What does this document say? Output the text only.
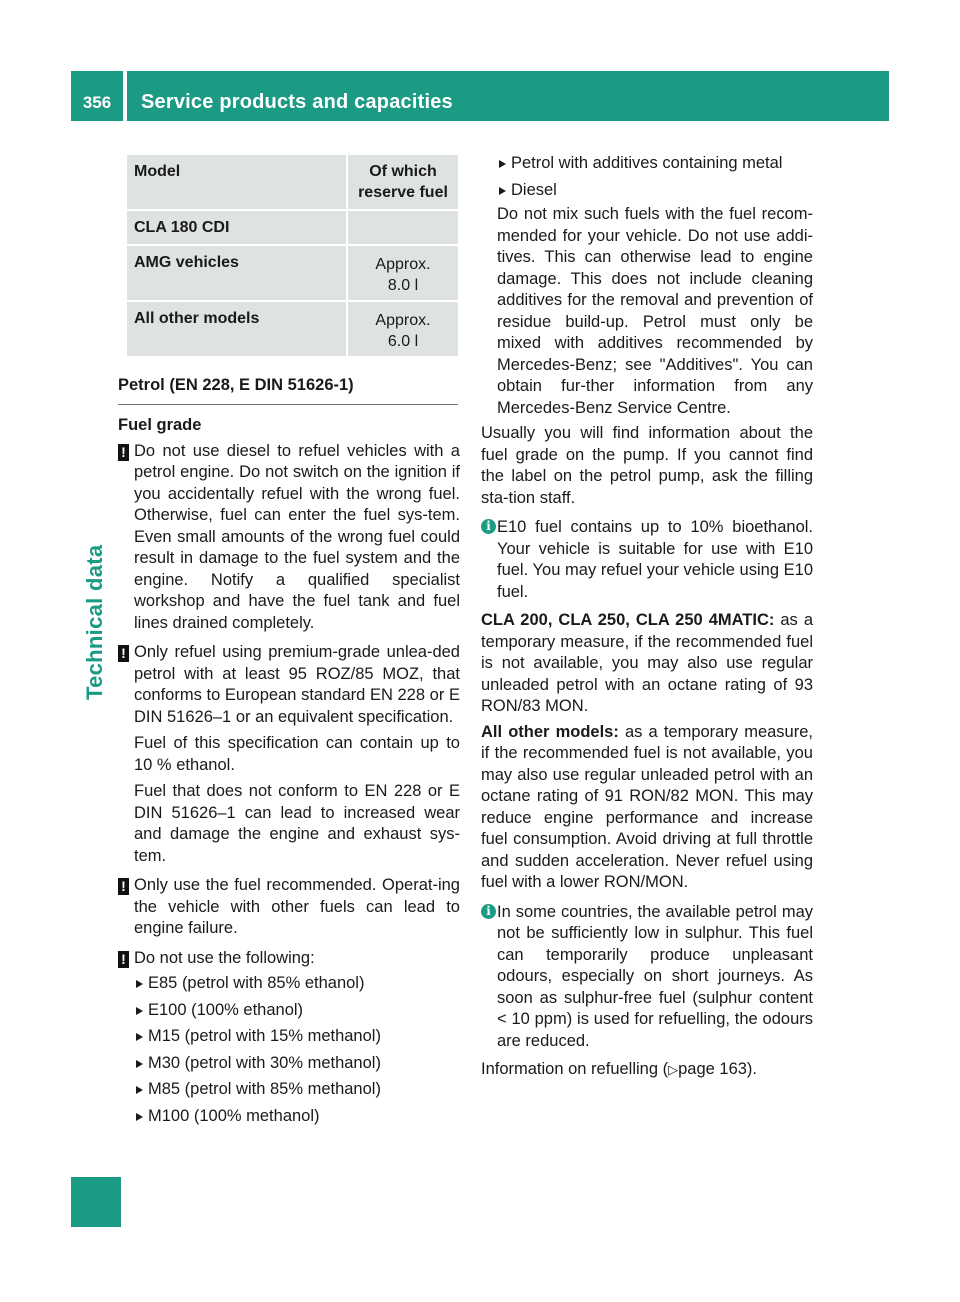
356	Service products and capacities
Technical data
Model	Of which
reserve fuel
CLA 180 CDI
AMG vehicles	Approx.
8.0 l
All other models	Approx.
6.0 l
Petrol (EN 228, E DIN 51626-1)
Fuel grade
! Do not use diesel to refuel vehicles with a petrol engine. Do not switch on the ignition if you accidentally refuel with the wrong fuel. Otherwise, fuel can enter the fuel sys-tem. Even small amounts of the wrong fuel could result in damage to the fuel system and the engine. Notify a qualified specialist workshop and have the fuel tank and fuel lines drained completely.

! Only refuel using premium-grade unlea-ded petrol with at least 95 ROZ/85 MOZ, that conforms to European standard EN 228 or E DIN 51626–1 or an equivalent specification.

Fuel of this specification can contain up to 10 % ethanol.

Fuel that does not conform to EN 228 or E DIN 51626–1 can lead to increased wear and damage the engine and exhaust sys-tem.

! Only use the fuel recommended. Operat-ing the vehicle with other fuels can lead to engine failure.

! Do not use the following:

E85 (petrol with 85% ethanol)
E100 (100% ethanol)
M15 (petrol with 15% methanol)
M30 (petrol with 30% methanol)
M85 (petrol with 85% methanol)
M100 (100% methanol)
Petrol with additives containing metal
Diesel

Do not mix such fuels with the fuel recom-mended for your vehicle. Do not use addi-tives. This can otherwise lead to engine damage. This does not include cleaning additives for the removal and prevention of residue build-up. Petrol must only be mixed with additives recommended by Mercedes-Benz; see "Additives". You can obtain fur-ther information from any Mercedes-Benz Service Centre.

Usually you will find information about the fuel grade on the pump. If you cannot find the label on the petrol pump, ask the filling sta-tion staff.

i E10 fuel contains up to 10% bioethanol. Your vehicle is suitable for use with E10 fuel. You may refuel your vehicle using E10 fuel.

CLA 200, CLA 250, CLA 250 4MATIC: as a temporary measure, if the recommended fuel is not available, you may also use regular unleaded petrol with an octane rating of 93 RON/83 MON.

All other models: as a temporary measure, if the recommended fuel is not available, you may also use regular unleaded petrol with an octane rating of 91 RON/82 MON. This may reduce engine performance and increase fuel consumption. Avoid driving at full throttle and sudden acceleration. Never refuel using fuel with a lower RON/MON.

i In some countries, the available petrol may not be sufficiently low in sulphur. This fuel can temporarily produce unpleasant odours, especially on short journeys. As soon as sulphur-free fuel (sulphur content < 10 ppm) is used for refuelling, the odours are reduced.

Information on refuelling (▷page 163).
